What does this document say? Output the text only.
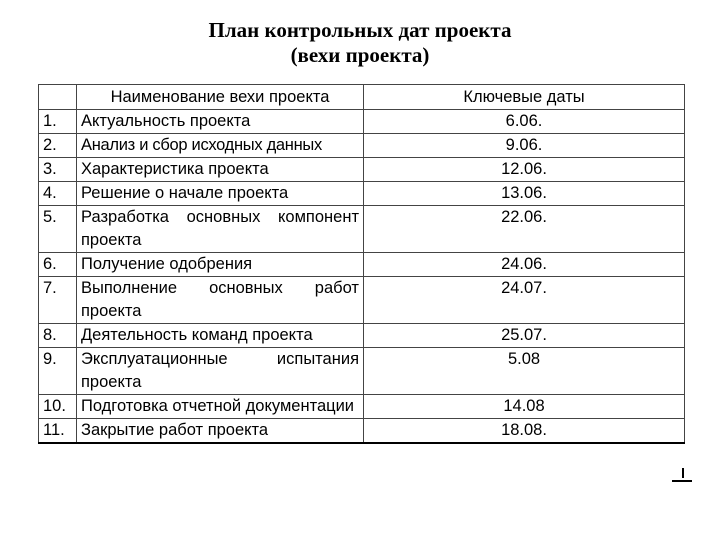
План контрольных дат проекта
(вехи проекта)
	Наименование вехи проекта	Ключевые даты
1.	Актуальность проекта	6.06.
2.	Анализ и сбор исходных данных	9.06.
3.	Характеристика проекта	12.06.
4.	Решение о начале проекта	13.06.
5.	Разработка основных компонент проекта	22.06.
6.	Получение одобрения	24.06.
7.	Выполнение основных работ проекта	24.07.
8.	Деятельность команд проекта	25.07.
9.	Эксплуатационные испытания проекта	5.08
10.	Подготовка отчетной документации	14.08
11.	Закрытие работ проекта	18.08.
